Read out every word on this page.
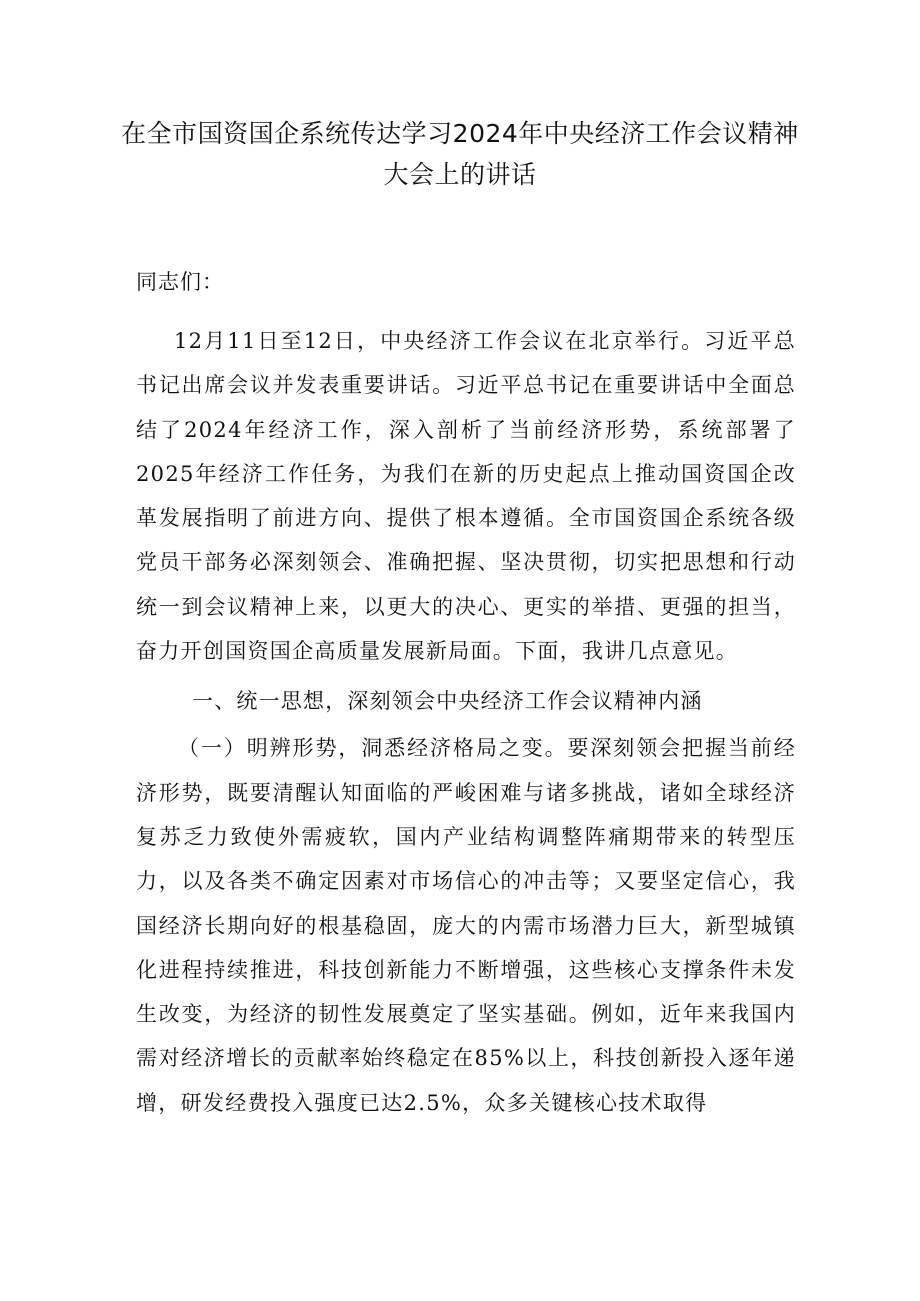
在全市国资国企系统传达学习2024年中央经济工作会议精神大会上的讲话

同志们：

12月11日至12日，中央经济工作会议在北京举行。习近平总书记出席会议并发表重要讲话。习近平总书记在重要讲话中全面总结了2024年经济工作，深入剖析了当前经济形势，系统部署了2025年经济工作任务，为我们在新的历史起点上推动国资国企改革发展指明了前进方向、提供了根本遵循。全市国资国企系统各级党员干部务必深刻领会、准确把握、坚决贯彻，切实把思想和行动统一到会议精神上来，以更大的决心、更实的举措、更强的担当，奋力开创国资国企高质量发展新局面。下面，我讲几点意见。

一、统一思想，深刻领会中央经济工作会议精神内涵

（一）明辨形势，洞悉经济格局之变。要深刻领会把握当前经济形势，既要清醒认知面临的严峻困难与诸多挑战，诸如全球经济复苏乏力致使外需疲软，国内产业结构调整阵痛期带来的转型压力，以及各类不确定因素对市场信心的冲击等；又要坚定信心，我国经济长期向好的根基稳固，庞大的内需市场潜力巨大，新型城镇化进程持续推进，科技创新能力不断增强，这些核心支撑条件未发生改变，为经济的韧性发展奠定了坚实基础。例如，近年来我国内需对经济增长的贡献率始终稳定在85%以上，科技创新投入逐年递增，研发经费投入强度已达2.5%，众多关键核心技术取得
